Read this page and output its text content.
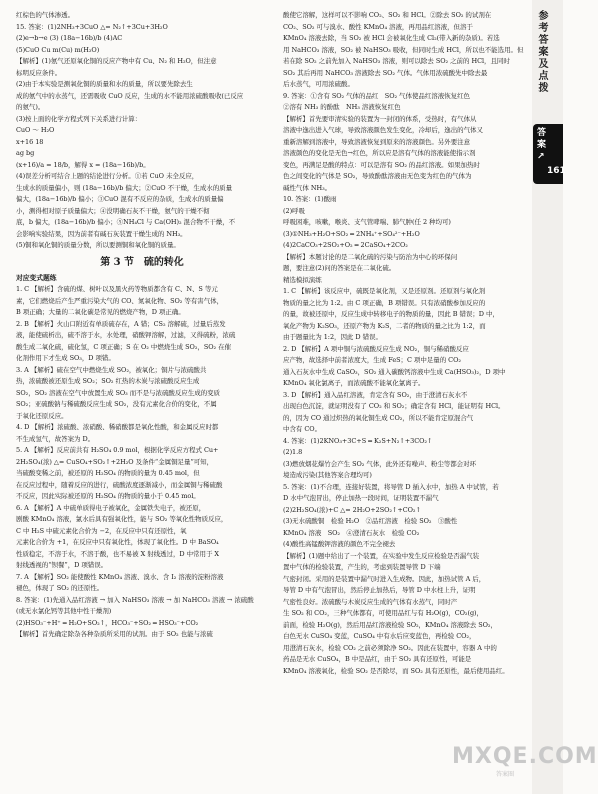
红棕色的气体渗透。

15. 答案：(1)2NH₃+3CuO △= N₂↑+3Cu+3H₂O

(2)e→b→e (3) (18a−16b)/b (4)AC

(5)CuO Cu m(Cu) m(H₂O)

【解析】(1)氨气还原氧化铜的反应产物中有 Cu、N₂ 和 H₂O，但注意

标明反应条件。

(2)由于本实验是测氧化铜的质量和水的质量，所以要先除去生

成的氨气中的水蒸气，还需吸收 CuO 反应，生成的水不能用浓硫酸吸收(已反应

的氨气)。

(3)按上面的化学方程式列下关系进行计算：

CuO ～ H₂O

x+16 18

ag bg

(x+16)/a = 18/b，解得 x = (18a−16b)/b。

(4)误差分析可结合上题的结论进行分析。①若 CuO 未全反应，

生成水的质量偏小，则 (18a−16b)/b 偏大；②CuO 不干燥，生成水的质量

偏大，(18a−16b)/b 偏小；③CuO 混有不反应的杂质，生成水的质量偏

小，测得相对原子质量偏大；④没明确石灰不干燥，氨气的干燥不彻

底，b 偏大，(18a−16b)/b 偏小；⑤NH₄Cl 与 Ca(OH)₂ 混合物不干燥，不

会影响实验结果，因为前者有碱石灰装置干燥生成的 NH₃。

(5)铜和氧化铜的质量分数，所以要测铜和氧化铜的质量。

第 3 节　硫的转化
对应变式题练

1. C 【解析】含硫的煤、树叶以及黑火药等物质都含有 C、N、S 等元

素，它们燃烧后产生严重污染大气的 CO、氮氧化物、SO₂ 等有害气体，

B 项正确；大量的二氧化碳是常见的燃烧产物，D 项正确。

2. B 【解析】火山口附近有单质硫存在，A 错；CS₂ 溶解硫，过量后蒸发

液，能使硫析出，硫不溶于水，水处理，硝酸钾溶解，过滤，又得硫粉，浓硫

酸生成二氧化硫，硫化氢，C 项正确；S 在 O₂ 中燃烧生成 SO₂，SO₂ 在催

化剂作用下才生成 SO₃，D 项错。

3. A 【解析】硫在空气中燃烧生成 SO₂，被氧化；铜片与浓硫酸共

热，浓硫酸被还原生成 SO₂；SO₂ 红热的木炭与浓硫酸反应生成

SO₂，SO₂ 溶液在空气中放置生成 SO₃ 而不是与浓硫酸反应生成的变质

SO₂；亚硫酸钠与稀硫酸反应生成 SO₂，没有元素化合价的变化，不属

于氧化还原反应。

4. D 【解析】浓硫酸、浓硝酸、稀硝酸都是氧化性酸，和金属反应时都

不生成氢气，故答案为 D。

5. A 【解析】反应前共有 H₂SO₄ 0.9 mol，根据化学反应方程式 Cu+

2H₂SO₄(浓) △= CuSO₄+SO₂↑+2H₂O 及条件“金属铜足量”可知，

当硫酸变稀之前，被还原的 H₂SO₄ 的物质的量为 0.45 mol，但

在反应过程中，随着反应的进行，硫酸浓度逐渐减小，而金属铜与稀硫酸

不反应，因此实际被还原的 H₂SO₄ 的物质的量小于 0.45 mol。

6. A 【解析】A 中硫单质得电子被氧化，金属铁失电子，被还原，

剧酸 KMnO₄ 溶液，氯水后具有强氧化性，能与 SO₂ 等氧化性物质反应，

C 中 H₂S 中硫元素化合价为 −2，在反应中只有还原性，氧

元素化合价为 +1，在反应中只有氧化性，体现了氧化性。D 中 BaSO₄

性质稳定，不溶于水，不溶于酸，也不易被 X 射线透过，D 中常用于 X

射线透视的“钡餐”，D 项错误。

7. A 【解析】SO₂ 能使酸性 KMnO₄ 溶液、溴水、含 I₂ 溶液的淀粉溶液

褪色，体现了 SO₂ 的还原性。

8. 答案：(1)先通入品红溶液 → 加入 NaHSO₃ 溶液 → 加 NaHCO₃ 溶液 → 浓硫酸

(或无水氯化钙等其他中性干燥剂)

(2)HSO₃⁻+H⁺ ═ H₂O+SO₂↑，HCO₃⁻+SO₂ ═ HSO₃⁻+CO₂

【解析】首先确定除杂各种杂质所采用的试剂。由于 SO₂ 也能与浓硫

酸使它溶解，这样可以不影响 CO₂、SO₂ 和 HCl。②除去 SO₂ 的试剂在

CO₂、SO₂ 可与溴水、酸性 KMnO₄ 溶液，再用品红溶液，但溶于

KMnO₄ 溶液去除，当 SO₂ 被 HCl 会被氧化生成 Cl₂(带入新的杂质)。若选

用 NaHCO₃ 溶液，SO₂ 被 NaHSO₃ 吸收，但同时生成 HCl，所以也不能选用。但

若在除 SO₂ 之前先加入 NaHSO₃ 溶液，则可以除去 SO₂ 之前的 HCl，且同时

SO₂ 其后再用 NaHCO₃ 溶液除去 SO₂ 气体。气体用浓硫酸先中除去最

后水蒸气，可用浓硫酸。

9. 答案：①含有 SO₂ 气体的品红　SO₂ 气体使品红溶液恢复红色

②溶有 NH₃ 的酚酞　NH₃ 溶液恢复红色

【解析】首先要审清实验的装置为一封闭的体系，受热时，有气体从

溶液中逸出进入气球，导致溶液颜色发生变化，冷却后，逸出的气体又

重新溶解到溶液中，导致溶液恢复到原来的溶液颜色。另外要注意

溶液颜色的变化是无色→红色，所以应是溶有气体的溶液能使指示剂

变色，再满足是酸的特点：可以是溶有 SO₂ 的品红溶液。如果加热时

色之间变化的气体是 SO₂，导致酚酞溶液由无色变为红色的气体为

碱性气体 NH₃。

10. 答案：(1)酸雨

(2)呼吸

呼吸困难，咳嗽，喉炎、支气管哮喘、肺气肿(任 2 种均可)

(3)①NH₃+H₂O+SO₂ ═ 2NH₄⁺+SO₄²⁻+H₂O

(4)2CaCO₃+2SO₂+O₂ ═ 2CaSO₄+2CO₂

【解析】本题讨论的是二氧化硫的污染与防治为中心的环保问

题，要注意(2)问的答案是在二氧化硫。

精选模拟演练

1. C 【解析】该反应中，硫既是氧化剂，又是还原剂。还原剂与氧化剂

物质的量之比为 1:2。由 C 项正确，B 项错误。只有浓硝酸参加反应的

的量，故被还原中，反应生成中转移电子的物质的量，因此 B 错误；D 中，

氧化产物为 K₂SO₃，还原产物为 K₂S，二者的物质的量之比为 1:2，而

由于题量比为 1:2，因此 D 错误。

2. D 【解析】A 项中铜与浓硫酸反应生成 NO₂，铜与稀硝酸反应

应产物，故选择中前者浓度大，生成 FeS；C 项中足量的 CO₂

通入石灰水中生成 CaSO₃，SO₂ 通入碳酸钙溶液中生成 Ca(HSO₃)₂，D 项中

KMnO₄ 氧化氯离子，而浓硫酸不能氧化氯离子。

3. D 【解析】通入品红溶液，肯定含有 SO₂，由于澄清石灰水不

出现白色沉淀，就证明没有了 CO₂ 和 SO₂；确定含有 HCl，能证明有 HCl。

的，因为 CO 通过炽热的氧化铜生成 CO₂，所以不能肯定原混合气

中含有 CO。

4. 答案：(1)2KNO₃+3C+S ═ K₂S+N₂↑+3CO₂↑

(2)1.8

(3)燃放烟花爆竹会产生 SO₂ 气体，此外还有噪声、粉尘等都会对环

境造成污染(其他答案合理均可)

5. 答案：(1)不合理，连接好装置，将导管 D 插入水中，加热 A 中试管，若

D 水中气泡冒出，停止加热一段时间，证明装置不漏气

(2)2H₂SO₄(浓)+C △= 2H₂O+2SO₂↑+CO₂↑

(3)无水硫酸铜　检验 H₂O　②品红溶液　检验 SO₂　③酸性

KMnO₄ 溶液　SO₂　④澄清石灰水　检验 CO₂

(4)酸性高锰酸钾溶液的颜色不完全褪去

【解析】(1)题中给出了一个装置，在实验中发生反应检验是否漏气装

置中气体的检验装置，产生的，考虑到装置导管 D 下端

气密封闭。采用的是装置中漏气时进入生成物。因此，加热试管 A 后，

导管 D 中有气泡冒出，然后停止加热后，导管 D 中水柱上升，证明

气密性良好。浓硫酸与木炭反应生成的气体有水蒸气，同时产

生 SO₂ 和 CO₂，三种气体都有，可使用品红与有 H₂O(g)，CO₂(g)，

前面，检验 H₂O(g)，然后用品红溶液检验 SO₂，KMnO₄ 溶液除去 SO₂，

白色无水 CuSO₄ 变蓝，CuSO₄ 中有水后应变蓝色，再检验 CO₂，

用澄清石灰水，检验 CO₂ 之前必须除净 SO₂。因此在装置中，容器 A 中的

药品是无水 CuSO₄，B 中是品红，由于 SO₂ 具有还原性，可能是

KMnO₄ 溶液氧化，检验 SO₂ 是否除尽，而 SO₂ 具有还原性，最后使用品红。

参考答案及点拨
答
案
↗
161
MXQE.COM
答案圈
